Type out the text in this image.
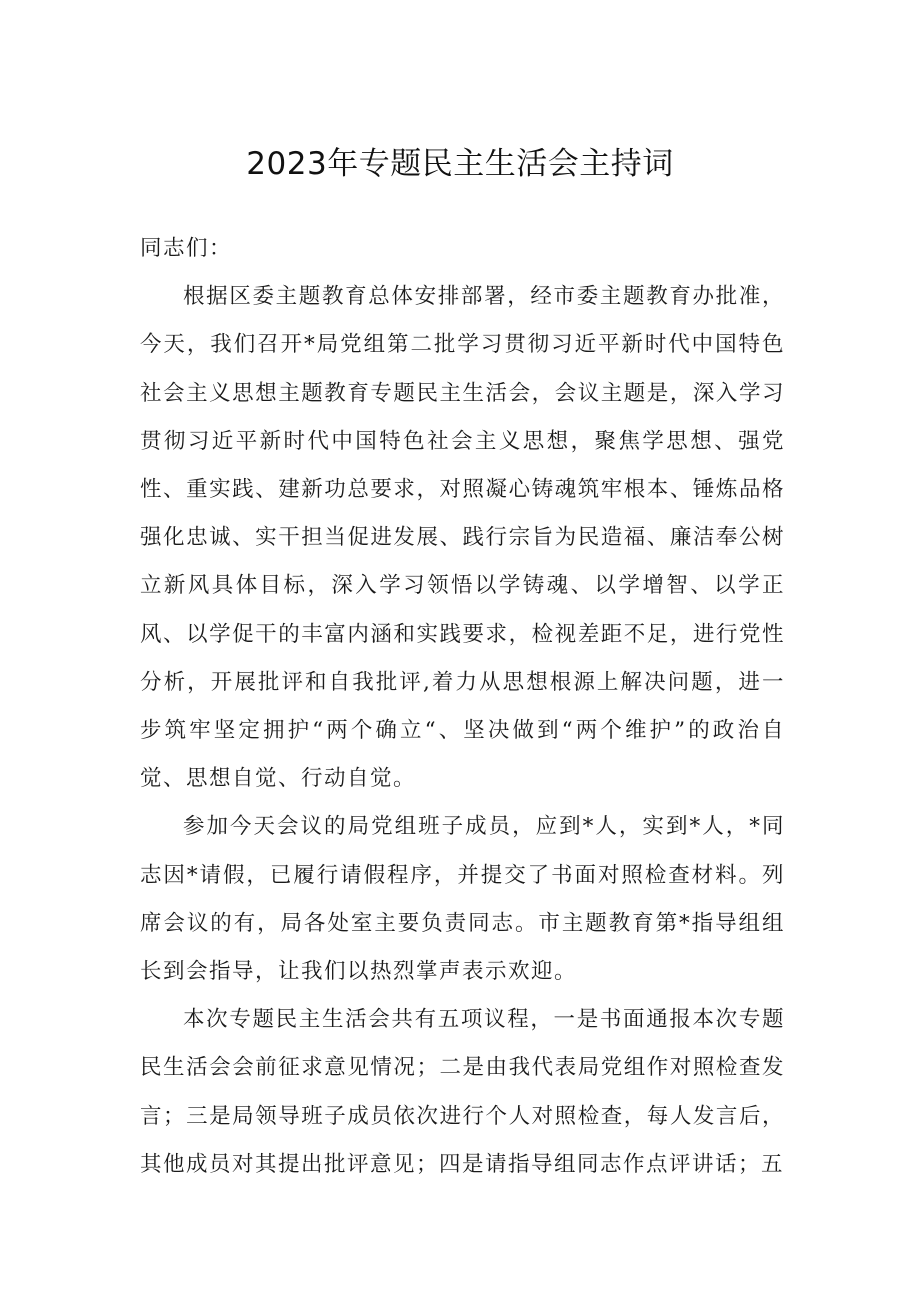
2023年专题民主生活会主持词

同志们：

根据区委主题教育总体安排部署，经市委主题教育办批准，今天，我们召开*局党组第二批学习贯彻习近平新时代中国特色社会主义思想主题教育专题民主生活会，会议主题是，深入学习贯彻习近平新时代中国特色社会主义思想，聚焦学思想、强党性、重实践、建新功总要求，对照凝心铸魂筑牢根本、锤炼品格强化忠诚、实干担当促进发展、践行宗旨为民造福、廉洁奉公树立新风具体目标，深入学习领悟以学铸魂、以学增智、以学正风、以学促干的丰富内涵和实践要求，检视差距不足，进行党性分析，开展批评和自我批评,着力从思想根源上解决问题，进一步筑牢坚定拥护“两个确立“、坚决做到“两个维护”的政治自觉、思想自觉、行动自觉。

参加今天会议的局党组班子成员，应到*人，实到*人，*同志因*请假，已履行请假程序，并提交了书面对照检查材料。列席会议的有，局各处室主要负责同志。市主题教育第*指导组组长到会指导，让我们以热烈掌声表示欢迎。

本次专题民主生活会共有五项议程，一是书面通报本次专题民生活会会前征求意见情况；二是由我代表局党组作对照检查发言；三是局领导班子成员依次进行个人对照检查，每人发言后，其他成员对其提出批评意见；四是请指导组同志作点评讲话；五
